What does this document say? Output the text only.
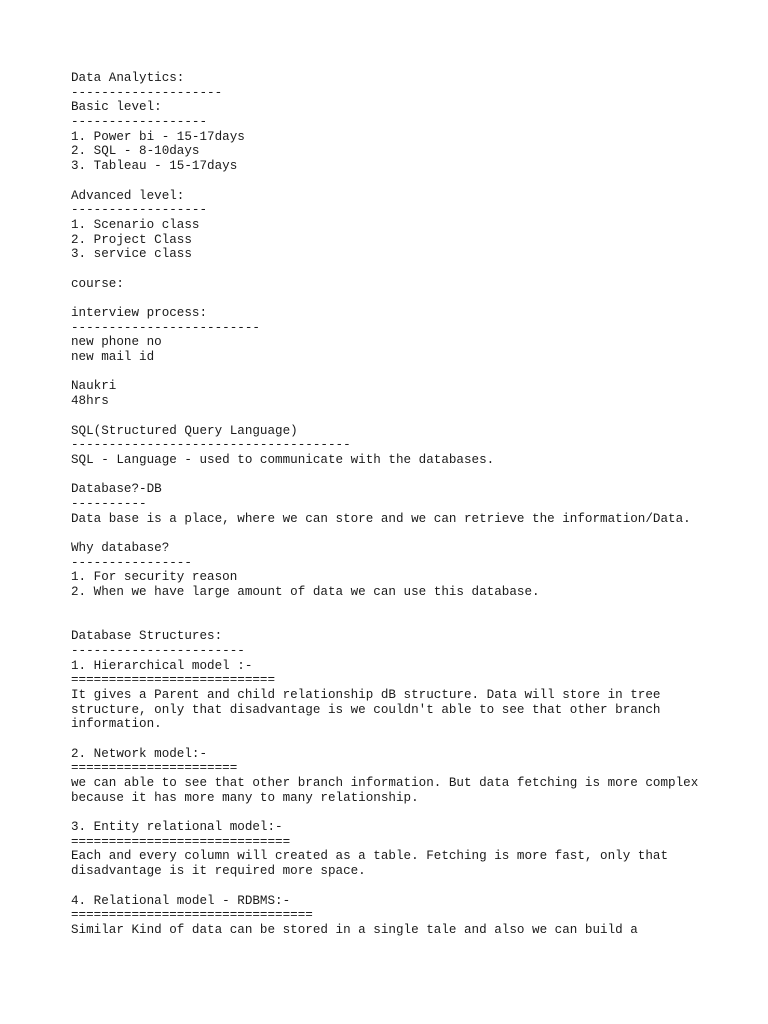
Data Analytics:
--------------------
Basic level:
------------------
1. Power bi - 15-17days
2. SQL - 8-10days
3. Tableau - 15-17days
Advanced level:
------------------
1. Scenario class
2. Project Class
3. service class
course:
interview process:
-------------------------
new phone no
new mail id
Naukri
48hrs
SQL(Structured Query Language)
-------------------------------------
SQL - Language - used to communicate with the databases.
Database?-DB
----------
Data base is a place, where we can store and we can retrieve the information/Data.
Why database?
----------------
1. For security reason
2. When we have large amount of data we can use this database.
Database Structures:
-----------------------
1. Hierarchical model :-
===========================
It gives a Parent and child relationship dB structure. Data will store in tree
structure, only that disadvantage is we couldn't able to see that other branch
information.
2. Network model:-
======================
we can able to see that other branch information. But data fetching is more complex
because it has more many to many relationship.
3. Entity relational model:-
=============================
Each and every column will created as a table. Fetching is more fast, only that
disadvantage is it required more space.
4. Relational model - RDBMS:-
================================
Similar Kind of data can be stored in a single tale and also we can build a
